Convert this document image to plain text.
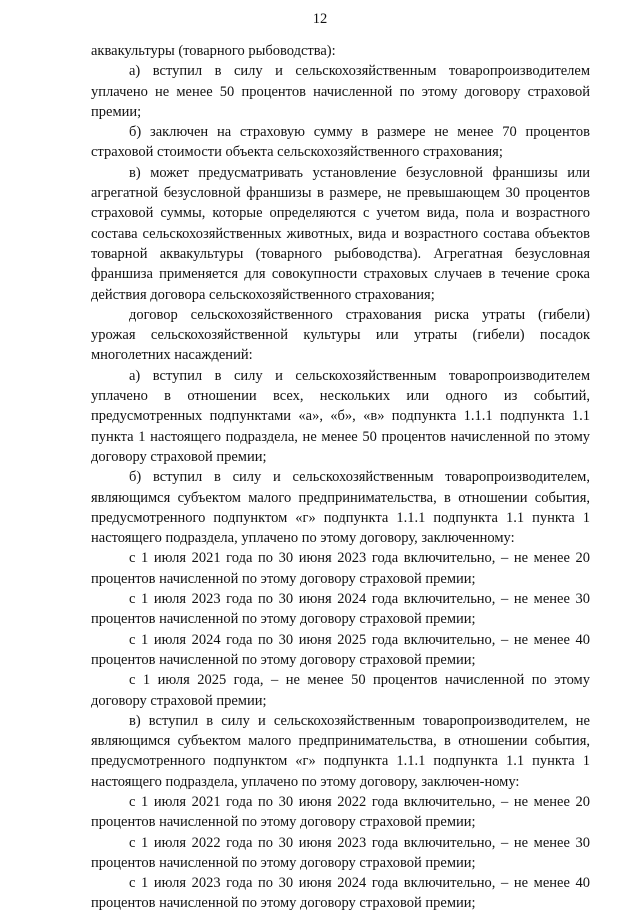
12

аквакультуры (товарного рыбоводства):

а) вступил в силу и сельскохозяйственным товаропроизводителем уплачено не менее 50 процентов начисленной по этому договору страховой премии;

б) заключен на страховую сумму в размере не менее 70 процентов страховой стоимости объекта сельскохозяйственного страхования;

в) может предусматривать установление безусловной франшизы или агрегатной безусловной франшизы в размере, не превышающем 30 процентов страховой суммы, которые определяются с учетом вида, пола и возрастного состава сельскохозяйственных животных, вида и возрастного состава объектов товарной аквакультуры (товарного рыбоводства). Агрегатная безусловная франшиза применяется для совокупности страховых случаев в течение срока действия договора сельскохозяйственного страхования;

договор сельскохозяйственного страхования риска утраты (гибели) урожая сельскохозяйственной культуры или утраты (гибели) посадок многолетних насаждений:

а) вступил в силу и сельскохозяйственным товаропроизводителем уплачено в отношении всех, нескольких или одного из событий, предусмотренных подпунктами «а», «б», «в» подпункта 1.1.1 подпункта 1.1 пункта 1 настоящего подраздела, не менее 50 процентов начисленной по этому договору страховой премии;

б) вступил в силу и сельскохозяйственным товаропроизводителем, являющимся субъектом малого предпринимательства, в отношении события, предусмотренного подпунктом «г» подпункта 1.1.1 подпункта 1.1 пункта 1 настоящего подраздела, уплачено по этому договору, заключенному:

с 1 июля 2021 года по 30 июня 2023 года включительно, – не менее 20 процентов начисленной по этому договору страховой премии;

с 1 июля 2023 года по 30 июня 2024 года включительно, – не менее 30 процентов начисленной по этому договору страховой премии;

с 1 июля 2024 года по 30 июня 2025 года включительно, – не менее 40 процентов начисленной по этому договору страховой премии;

с 1 июля 2025 года, – не менее 50 процентов начисленной по этому договору страховой премии;

в) вступил в силу и сельскохозяйственным товаропроизводителем, не являющимся субъектом малого предпринимательства, в отношении события, предусмотренного подпунктом «г» подпункта 1.1.1 подпункта 1.1 пункта 1 настоящего подраздела, уплачено по этому договору, заключен-ному:

с 1 июля 2021 года по 30 июня 2022 года включительно, – не менее 20 процентов начисленной по этому договору страховой премии;

с 1 июля 2022 года по 30 июня 2023 года включительно, – не менее 30 процентов начисленной по этому договору страховой премии;

с 1 июля 2023 года по 30 июня 2024 года включительно, – не менее 40 процентов начисленной по этому договору страховой премии;
